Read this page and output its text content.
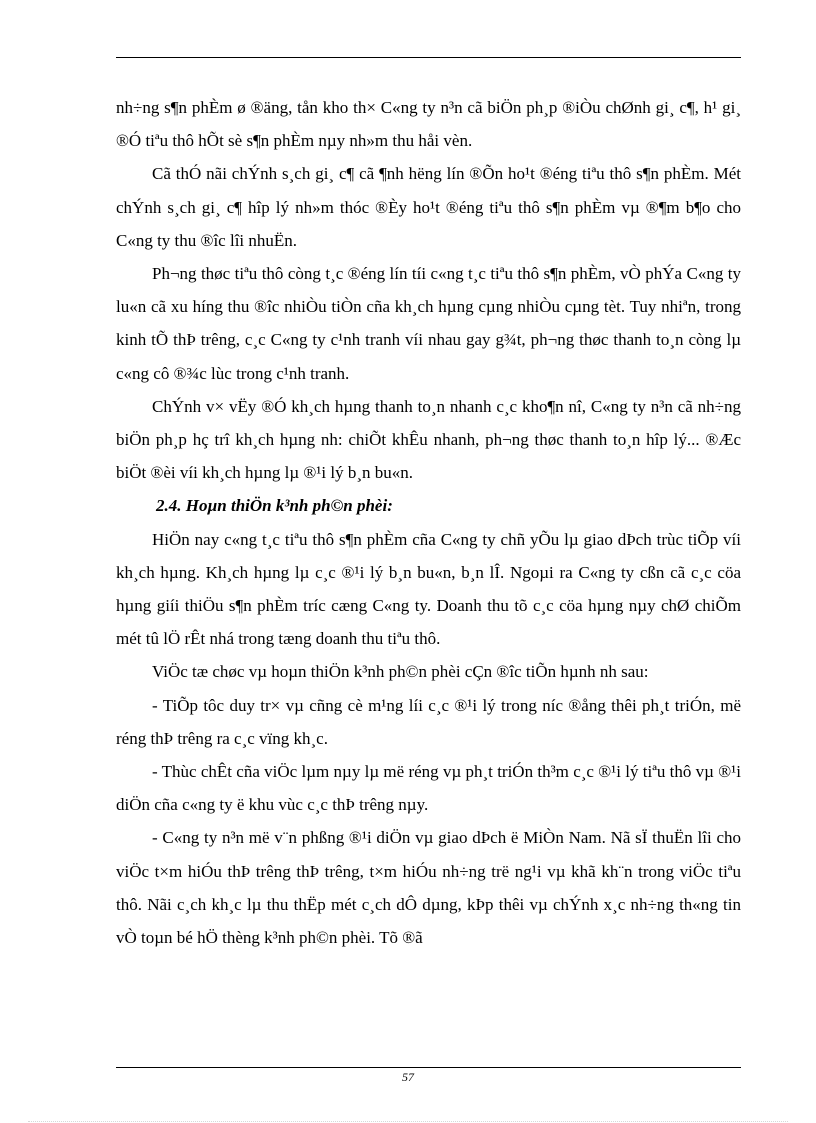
nh÷ng s¶n phÈm ø ®äng, tån kho th× C«ng ty n³n cã biÖn ph¸p ®iÒu chØnh gi¸ c¶, h¹ gi¸ ®Ó tiªu thô hÕt sè s¶n phÈm nµy nh»m thu håi vèn.

Cã thÓ nãi chÝnh s¸ch gi¸ c¶ cã ¶nh hëng lín ®Õn ho¹t ®éng tiªu thô s¶n phÈm. Mét chÝnh s¸ch gi¸ c¶ hîp lý nh»m thóc ®Èy ho¹t ®éng tiªu thô s¶n phÈm vµ ®¶m b¶o cho C«ng ty thu ®îc lîi nhuËn.

Ph¬ng thøc tiªu thô còng t¸c ®éng lín tíi c«ng t¸c tiªu thô s¶n phÈm, vÒ phÝa C«ng ty lu«n cã xu híng thu ®îc nhiÒu tiÒn cña kh¸ch hµng cµng nhiÒu cµng tèt. Tuy nhiªn, trong kinh tÕ thÞ trêng, c¸c C«ng ty c¹nh tranh víi nhau gay g¾t, ph¬ng thøc thanh to¸n còng lµ c«ng cô ®¾c lùc trong c¹nh tranh.

ChÝnh v× vËy ®Ó kh¸ch hµng thanh to¸n nhanh c¸c kho¶n nî, C«ng ty n³n cã nh÷ng biÖn ph¸p hç trî kh¸ch hµng nh: chiÕt khÊu nhanh, ph¬ng thøc thanh to¸n hîp lý... ®Æc biÖt ®èi víi kh¸ch hµng lµ ®¹i lý b¸n bu«n.

2.4. Hoµn thiÖn k³nh ph©n phèi:

HiÖn nay c«ng t¸c tiªu thô s¶n phÈm cña C«ng ty chñ yÕu lµ giao dÞch trùc tiÕp víi kh¸ch hµng. Kh¸ch hµng lµ c¸c ®¹i lý b¸n bu«n, b¸n lÎ. Ngoµi ra C«ng ty cßn cã c¸c cöa hµng giíi thiÖu s¶n phÈm tríc cæng C«ng ty. Doanh thu tõ c¸c cöa hµng nµy chØ chiÕm mét tû lÖ rÊt nhá trong tæng doanh thu tiªu thô.

ViÖc tæ chøc vµ hoµn thiÖn k³nh ph©n phèi cÇn ®îc tiÕn hµnh nh sau:

- TiÕp tôc duy tr× vµ cñng cè m¹ng líi c¸c ®¹i lý trong níc ®ång thêi ph¸t triÓn, më réng thÞ trêng ra c¸c vïng kh¸c.

- Thùc chÊt cña viÖc lµm nµy lµ më réng vµ ph¸t triÓn th³m c¸c ®¹i lý tiªu thô vµ ®¹i diÖn cña c«ng ty ë khu vùc c¸c thÞ trêng nµy.

- C«ng ty n³n më v¨n phßng ®¹i diÖn vµ giao dÞch ë MiÒn Nam. Nã sÏ thuËn lîi cho viÖc t×m hiÓu thÞ trêng thÞ trêng, t×m hiÓu nh÷ng trë ng¹i vµ khã kh¨n trong viÖc tiªu thô. Nãi c¸ch kh¸c lµ thu thËp mét c¸ch dÔ dµng, kÞp thêi vµ chÝnh x¸c nh÷ng th«ng tin vÒ toµn bé hÖ thèng k³nh ph©n phèi. Tõ ®ã

57
